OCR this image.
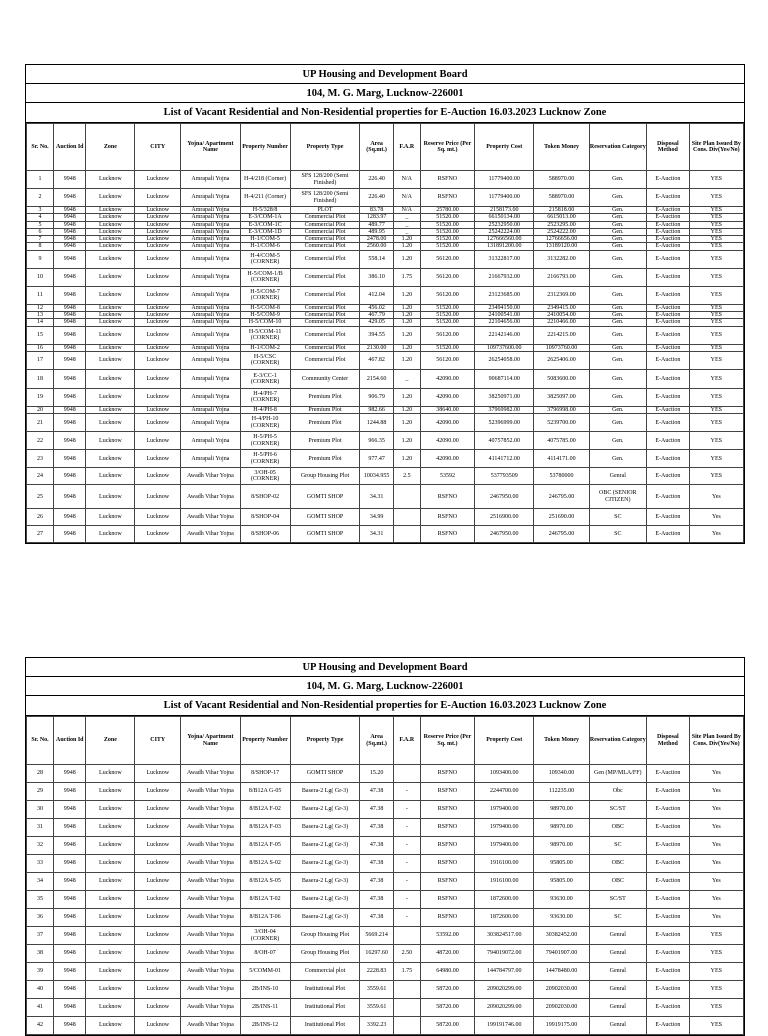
UP Housing and Development Board
104, M. G. Marg, Lucknow-226001
List of Vacant Residential and Non-Residential properties for E-Auction 16.03.2023 Lucknow Zone
Sr. No.	Auction Id	Zone	CITY	Yojna/ Apartment Name	Property Number	Property Type	Area (Sq.mt.)	F.A.R	Reserve Price (Per Sq. mt.)	Property Cost	Token Money	Reservation Category	Disposal Method	Site Plan Issued By Cons. Div(Yes/No)
1	9948	Lucknow	Lucknow	Amrapali Yojna	H-4/218 (Corner)	SFS 128/200 (Semi Finished)	226.40	N/A	RSFNO	11779400.00	588970.00	Gen.	E-Auction	YES
2	9948	Lucknow	Lucknow	Amrapali Yojna	H-4/211 (Corner)	SFS 128/200 (Semi Finished)	226.40	N/A	RSFNO	11779400.00	588970.00	Gen.	E-Auction	YES
3	9948	Lucknow	Lucknow	Amrapali Yojna	H-5/328/8	PLOT	83.78	N/A	25780.00	2158173.00	215818.00	Gen.	E-Auction	YES
4	9948	Lucknow	Lucknow	Amrapali Yojna	E-3/COM-1A	Commercial Plot	1283.97	_	51520.00	66150134.00	6615013.00	Gen.	E-Auction	YES
5	9948	Lucknow	Lucknow	Amrapali Yojna	E-3/COM-1C	Commercial Plot	489.77	_	51520.00	25232950.00	2523295.00	Gen.	E-Auction	YES
6	9948	Lucknow	Lucknow	Amrapali Yojna	E-3/COM-1D	Commercial Plot	489.95	_	51520.00	25242224.00	2524222.00	Gen.	E-Auction	YES
7	9948	Lucknow	Lucknow	Amrapali Yojna	H-1/COM-5	Commercial Plot	2478.00	1.20	51520.00	127666560.00	12766656.00	Gen.	E-Auction	YES
8	9948	Lucknow	Lucknow	Amrapali Yojna	H-1/COM-6	Commercial Plot	2560.00	1.20	51520.00	131891200.00	13189120.00	Gen.	E-Auction	YES
9	9948	Lucknow	Lucknow	Amrapali Yojna	H-4/COM-5 (CORNER)	Commercial Plot	558.14	1.20	56120.00	31322817.00	3132282.00	Gen.	E-Auction	YES
10	9948	Lucknow	Lucknow	Amrapali Yojna	H-5/COM-1/B (CORNER)	Commercial Plot	386.10	1.75	56120.00	21667932.00	2166793.00	Gen.	E-Auction	YES
11	9948	Lucknow	Lucknow	Amrapali Yojna	H-5/COM-7 (CORNER)	Commercial Plot	412.04	1.20	56120.00	23123685.00	2312369.00	Gen.	E-Auction	YES
12	9948	Lucknow	Lucknow	Amrapali Yojna	H-5/COM-8	Commercial Plot	456.02	1.20	51520.00	23494150.00	2349415.00	Gen.	E-Auction	YES
13	9948	Lucknow	Lucknow	Amrapali Yojna	H-5/COM-9	Commercial Plot	467.79	1.20	51520.00	24100541.00	2410054.00	Gen.	E-Auction	YES
14	9948	Lucknow	Lucknow	Amrapali Yojna	H-5/COM-10	Commercial Plot	429.05	1.20	51520.00	22104656.00	2210466.00	Gen.	E-Auction	YES
15	9948	Lucknow	Lucknow	Amrapali Yojna	H-5/COM-11 (CORNER)	Commercial Plot	394.55	1.20	56120.00	22142146.00	2214215.00	Gen.	E-Auction	YES
16	9948	Lucknow	Lucknow	Amrapali Yojna	H-1/COM-2	Commercial Plot	2130.00	1.20	51520.00	109737600.00	10973760.00	Gen.	E-Auction	YES
17	9948	Lucknow	Lucknow	Amrapali Yojna	H-5/CSC (CORNER)	Commercial Plot	467.82	1.20	56120.00	26254058.00	2625406.00	Gen.	E-Auction	YES
18	9948	Lucknow	Lucknow	Amrapali Yojna	E-3/CC-1 (CORNER)	Community Center	2154.60	_	42090.00	90687114.00	5083600.00	Gen.	E-Auction	YES
19	9948	Lucknow	Lucknow	Amrapali Yojna	H-4/PH-7 (CORNER)	Premium Plot	906.79	1.20	42090.00	38250971.00	3825097.00	Gen.	E-Auction	YES
20	9948	Lucknow	Lucknow	Amrapali Yojna	H-4/PH-8	Premium Plot	982.66	1.20	38640.00	37969982.00	3796998.00	Gen.	E-Auction	YES
21	9948	Lucknow	Lucknow	Amrapali Yojna	H-4/PH-10 (CORNER)	Premium Plot	1244.88	1.20	42090.00	52396999.00	5239700.00	Gen.	E-Auction	YES
22	9948	Lucknow	Lucknow	Amrapali Yojna	H-5/PH-5 (CORNER)	Premium Plot	966.35	1.20	42090.00	40757852.00	4075785.00	Gen.	E-Auction	YES
23	9948	Lucknow	Lucknow	Amrapali Yojna	H-5/PH-6 (CORNER)	Premium Plot	977.47	1.20	42090.00	41141712.00	4114171.00	Gen.	E-Auction	YES
24	9948	Lucknow	Lucknow	Awadh Vihar Yojna	3/OH-05 (CORNER)	Group Housing Plot	10034.955	2.5	53592	537793509	53780000	Genral	E-Auction	YES
25	9948	Lucknow	Lucknow	Awadh Vihar Yojna	8/SHOP-02	GOMTI SHOP	34.31		RSFNO	2467950.00	246795.00	OBC (SENIOR CITIZEN)	E-Auction	Yes
26	9948	Lucknow	Lucknow	Awadh Vihar Yojna	8/SHOP-04	GOMTI SHOP	34.99		RSFNO	2516900.00	251690.00	SC	E-Auction	Yes
27	9948	Lucknow	Lucknow	Awadh Vihar Yojna	8/SHOP-06	GOMTI SHOP	34.31		RSFNO	2467950.00	246795.00	SC	E-Auction	Yes
UP Housing and Development Board
104, M. G. Marg, Lucknow-226001
List of Vacant Residential and Non-Residential properties for E-Auction 16.03.2023 Lucknow Zone
Sr. No.	Auction Id	Zone	CITY	Yojna/ Apartment Name	Property Number	Property Type	Area (Sq.mt.)	F.A.R	Reserve Price (Per Sq. mt.)	Property Cost	Token Money	Reservation Category	Disposal Method	Site Plan Issued By Cons. Div(Yes/No)
28	9948	Lucknow	Lucknow	Awadh Vihar Yojna	8/SHOP-17	GOMTI SHOP	15.20		RSFNO	1093400.00	109340.00	Gen (MP/MLA/FF)	E-Auction	Yes
29	9948	Lucknow	Lucknow	Awadh Vihar Yojna	8/B12A G-05	Basera-2 Lg( Gr-3)	47.38	-	RSFNO	2244700.00	112235.00	Obc	E-Auction	Yes
30	9948	Lucknow	Lucknow	Awadh Vihar Yojna	8/B12A F-02	Basera-2 Lg( Gr-3)	47.38	-	RSFNO	1979400.00	98970.00	SC/ST	E-Auction	Yes
31	9948	Lucknow	Lucknow	Awadh Vihar Yojna	8/B12A F-03	Basera-2 Lg( Gr-3)	47.38	-	RSFNO	1979400.00	98970.00	OBC	E-Auction	Yes
32	9948	Lucknow	Lucknow	Awadh Vihar Yojna	8/B12A F-05	Basera-2 Lg( Gr-3)	47.38	-	RSFNO	1979400.00	98970.00	SC	E-Auction	Yes
33	9948	Lucknow	Lucknow	Awadh Vihar Yojna	8/B12A S-02	Basera-2 Lg( Gr-3)	47.38	-	RSFNO	1916100.00	95805.00	OBC	E-Auction	Yes
34	9948	Lucknow	Lucknow	Awadh Vihar Yojna	8/B12A S-05	Basera-2 Lg( Gr-3)	47.38	-	RSFNO	1916100.00	95805.00	OBC	E-Auction	Yes
35	9948	Lucknow	Lucknow	Awadh Vihar Yojna	8/B12A T-02	Basera-2 Lg( Gr-3)	47.38	-	RSFNO	1872600.00	93630.00	SC/ST	E-Auction	Yes
36	9948	Lucknow	Lucknow	Awadh Vihar Yojna	8/B12A T-06	Basera-2 Lg( Gr-3)	47.38	-	RSFNO	1872600.00	93630.00	SC	E-Auction	Yes
37	9948	Lucknow	Lucknow	Awadh Vihar Yojna	3/OH-04 (CORNER)	Group Housing Plot	5669.214		53592.00	303824517.00	30382452.00	Genral	E-Auction	YES
38	9948	Lucknow	Lucknow	Awadh Vihar Yojna	8/OH-07	Group Housing Plot	16297.60	2.50	48720.00	794019072.00	79401907.00	Genral	E-Auction	YES
39	9948	Lucknow	Lucknow	Awadh Vihar Yojna	5/COMM-01	Commercial plot	2228.83	1.75	64980.00	144784797.00	14478480.00	Genral	E-Auction	YES
40	9948	Lucknow	Lucknow	Awadh Vihar Yojna	2B/INS-10	Institutional Plot	3559.61		58720.00	209020299.00	20902030.00	Genral	E-Auction	YES
41	9948	Lucknow	Lucknow	Awadh Vihar Yojna	2B/INS-11	Institutional Plot	3559.61		58720.00	209020299.00	20902030.00	Genral	E-Auction	YES
42	9948	Lucknow	Lucknow	Awadh Vihar Yojna	2B/INS-12	Institutional Plot	3392.23		58720.00	199191746.00	19919175.00	Genral	E-Auction	YES
